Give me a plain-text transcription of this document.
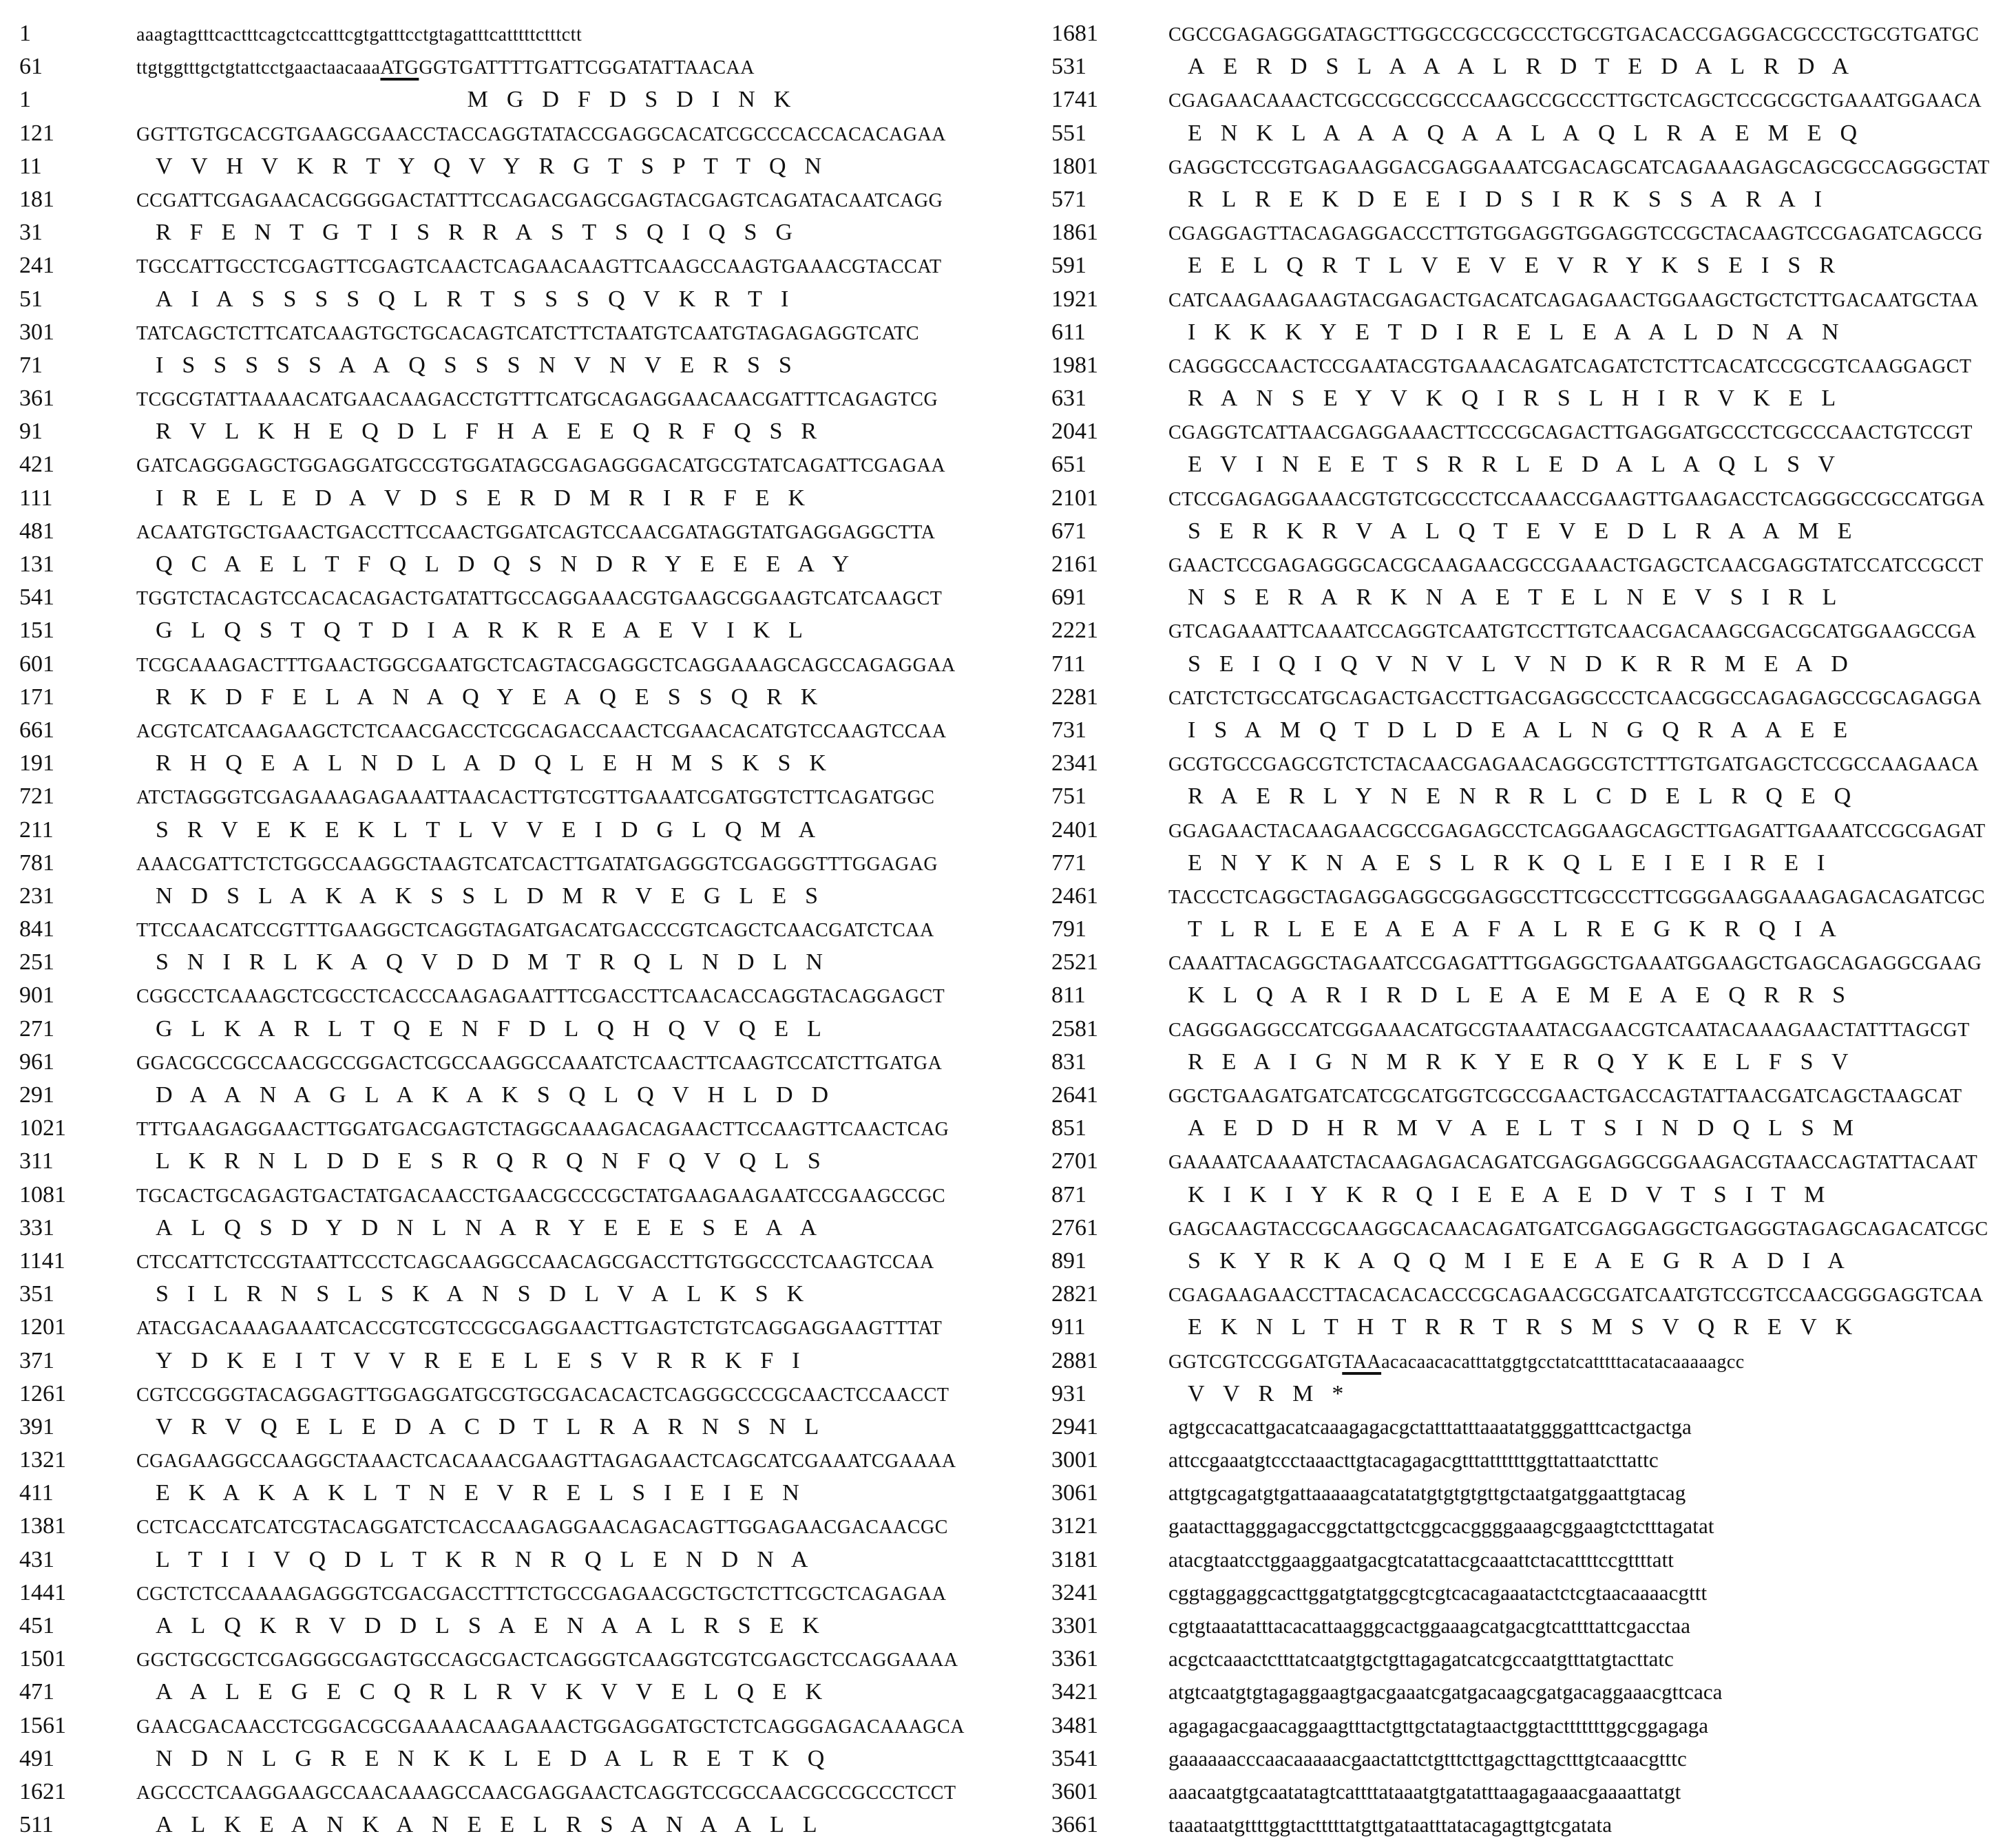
1	aaagtagtttcactttcagctccatttcgtgatttcctgtagatttcatttttctttctt
61	ttgtggtttgctgtattcctgaactaacaaaATGGGTGATTTTGATTCGGATATTAACAA
1	M  G  D  F  D  S  D  I  N  K
121	GGTTGTGCACGTGAAGCGAACCTACCAGGTATACCGAGGCACATCGCCCACCACACAGAA
11	V  V  H  V  K  R  T  Y  Q  V  Y  R  G  T  S  P  T  T  Q  N
181	CCGATTCGAGAACACGGGGACTATTTCCAGACGAGCGAGTACGAGTCAGATACAATCAGG
31	R  F  E  N  T  G  T  I  S  R  R  A  S  T  S  Q  I  Q  S  G
241	TGCCATTGCCTCGAGTTCGAGTCAACTCAGAACAAGTTCAAGCCAAGTGAAACGTACCAT
51	A  I  A  S  S  S  S  Q  L  R  T  S  S  S  Q  V  K  R  T  I
301	TATCAGCTCTTCATCAAGTGCTGCACAGTCATCTTCTAATGTCAATGTAGAGAGGTCATC
71	I  S  S  S  S  S  A  A  Q  S  S  S  N  V  N  V  E  R  S  S
361	TCGCGTATTAAAACATGAACAAGACCTGTTTCATGCAGAGGAACAACGATTTCAGAGTCG
91	R  V  L  K  H  E  Q  D  L  F  H  A  E  E  Q  R  F  Q  S  R
421	GATCAGGGAGCTGGAGGATGCCGTGGATAGCGAGAGGGACATGCGTATCAGATTCGAGAA
111	I  R  E  L  E  D  A  V  D  S  E  R  D  M  R  I  R  F  E  K
481	ACAATGTGCTGAACTGACCTTCCAACTGGATCAGTCCAACGATAGGTATGAGGAGGCTTA
131	Q  C  A  E  L  T  F  Q  L  D  Q  S  N  D  R  Y  E  E  E  A  Y
541	TGGTCTACAGTCCACACAGACTGATATTGCCAGGAAACGTGAAGCGGAAGTCATCAAGCT
151	G  L  Q  S  T  Q  T  D  I  A  R  K  R  E  A  E  V  I  K  L
601	TCGCAAAGACTTTGAACTGGCGAATGCTCAGTACGAGGCTCAGGAAAGCAGCCAGAGGAA
171	R  K  D  F  E  L  A  N  A  Q  Y  E  A  Q  E  S  S  Q  R  K
661	ACGTCATCAAGAAGCTCTCAACGACCTCGCAGACCAACTCGAACACATGTCCAAGTCCAA
191	R  H  Q  E  A  L  N  D  L  A  D  Q  L  E  H  M  S  K  S  K
721	ATCTAGGGTCGAGAAAGAGAAATTAACACTTGTCGTTGAAATCGATGGTCTTCAGATGGC
211	S  R  V  E  K  E  K  L  T  L  V  V  E  I  D  G  L  Q  M  A
781	AAACGATTCTCTGGCCAAGGCTAAGTCATCACTTGATATGAGGGTCGAGGGTTTGGAGAG
231	N  D  S  L  A  K  A  K  S  S  L  D  M  R  V  E  G  L  E  S
841	TTCCAACATCCGTTTGAAGGCTCAGGTAGATGACATGACCCGTCAGCTCAACGATCTCAA
251	S  N  I  R  L  K  A  Q  V  D  D  M  T  R  Q  L  N  D  L  N
901	CGGCCTCAAAGCTCGCCTCACCCAAGAGAATTTCGACCTTCAACACCAGGTACAGGAGCT
271	G  L  K  A  R  L  T  Q  E  N  F  D  L  Q  H  Q  V  Q  E  L
961	GGACGCCGCCAACGCCGGACTCGCCAAGGCCAAATCTCAACTTCAAGTCCATCTTGATGA
291	D  A  A  N  A  G  L  A  K  A  K  S  Q  L  Q  V  H  L  D  D
1021	TTTGAAGAGGAACTTGGATGACGAGTCTAGGCAAAGACAGAACTTCCAAGTTCAACTCAG
311	L  K  R  N  L  D  D  E  S  R  Q  R  Q  N  F  Q  V  Q  L  S
1081	TGCACTGCAGAGTGACTATGACAACCTGAACGCCCGCTATGAAGAAGAATCCGAAGCCGC
331	A  L  Q  S  D  Y  D  N  L  N  A  R  Y  E  E  E  S  E  A  A
1141	CTCCATTCTCCGTAATTCCCTCAGCAAGGCCAACAGCGACCTTGTGGCCCTCAAGTCCAA
351	S  I  L  R  N  S  L  S  K  A  N  S  D  L  V  A  L  K  S  K
1201	ATACGACAAAGAAATCACCGTCGTCCGCGAGGAACTTGAGTCTGTCAGGAGGAAGTTTAT
371	Y  D  K  E  I  T  V  V  R  E  E  L  E  S  V  R  R  K  F  I
1261	CGTCCGGGTACAGGAGTTGGAGGATGCGTGCGACACACTCAGGGCCCGCAACTCCAACCT
391	V  R  V  Q  E  L  E  D  A  C  D  T  L  R  A  R  N  S  N  L
1321	CGAGAAGGCCAAGGCTAAACTCACAAACGAAGTTAGAGAACTCAGCATCGAAATCGAAAA
411	E  K  A  K  A  K  L  T  N  E  V  R  E  L  S  I  E  I  E  N
1381	CCTCACCATCATCGTACAGGATCTCACCAAGAGGAACAGACAGTTGGAGAACGACAACGC
431	L  T  I  I  V  Q  D  L  T  K  R  N  R  Q  L  E  N  D  N  A
1441	CGCTCTCCAAAAGAGGGTCGACGACCTTTCTGCCGAGAACGCTGCTCTTCGCTCAGAGAA
451	A  L  Q  K  R  V  D  D  L  S  A  E  N  A  A  L  R  S  E  K
1501	GGCTGCGCTCGAGGGCGAGTGCCAGCGACTCAGGGTCAAGGTCGTCGAGCTCCAGGAAAA
471	A  A  L  E  G  E  C  Q  R  L  R  V  K  V  V  E  L  Q  E  K
1561	GAACGACAACCTCGGACGCGAAAACAAGAAACTGGAGGATGCTCTCAGGGAGACAAAGCA
491	N  D  N  L  G  R  E  N  K  K  L  E  D  A  L  R  E  T  K  Q
1621	AGCCCTCAAGGAAGCCAACAAAGCCAACGAGGAACTCAGGTCCGCCAACGCCGCCCTCCT
511	A  L  K  E  A  N  K  A  N  E  E  L  R  S  A  N  A  A  L  L
1681	CGCCGAGAGGGATAGCTTGGCCGCCGCCCTGCGTGACACCGAGGACGCCCTGCGTGATGC
531	A  E  R  D  S  L  A  A  A  L  R  D  T  E  D  A  L  R  D  A
1741	CGAGAACAAACTCGCCGCCGCCCAAGCCGCCCTTGCTCAGCTCCGCGCTGAAATGGAACA
551	E  N  K  L  A  A  A  Q  A  A  L  A  Q  L  R  A  E  M  E  Q
1801	GAGGCTCCGTGAGAAGGACGAGGAAATCGACAGCATCAGAAAGAGCAGCGCCAGGGCTAT
571	R  L  R  E  K  D  E  E  I  D  S  I  R  K  S  S  A  R  A  I
1861	CGAGGAGTTACAGAGGACCCTTGTGGAGGTGGAGGTCCGCTACAAGTCCGAGATCAGCCG
591	E  E  L  Q  R  T  L  V  E  V  E  V  R  Y  K  S  E  I  S  R
1921	CATCAAGAAGAAGTACGAGACTGACATCAGAGAACTGGAAGCTGCTCTTGACAATGCTAA
611	I  K  K  K  Y  E  T  D  I  R  E  L  E  A  A  L  D  N  A  N
1981	CAGGGCCAACTCCGAATACGTGAAACAGATCAGATCTCTTCACATCCGCGTCAAGGAGCT
631	R  A  N  S  E  Y  V  K  Q  I  R  S  L  H  I  R  V  K  E  L
2041	CGAGGTCATTAACGAGGAAACTTCCCGCAGACTTGAGGATGCCCTCGCCCAACTGTCCGT
651	E  V  I  N  E  E  T  S  R  R  L  E  D  A  L  A  Q  L  S  V
2101	CTCCGAGAGGAAACGTGTCGCCCTCCAAACCGAAGTTGAAGACCTCAGGGCCGCCATGGA
671	S  E  R  K  R  V  A  L  Q  T  E  V  E  D  L  R  A  A  M  E
2161	GAACTCCGAGAGGGCACGCAAGAACGCCGAAACTGAGCTCAACGAGGTATCCATCCGCCT
691	N  S  E  R  A  R  K  N  A  E  T  E  L  N  E  V  S  I  R  L
2221	GTCAGAAATTCAAATCCAGGTCAATGTCCTTGTCAACGACAAGCGACGCATGGAAGCCGA
711	S  E  I  Q  I  Q  V  N  V  L  V  N  D  K  R  R  M  E  A  D
2281	CATCTCTGCCATGCAGACTGACCTTGACGAGGCCCTCAACGGCCAGAGAGCCGCAGAGGA
731	I  S  A  M  Q  T  D  L  D  E  A  L  N  G  Q  R  A  A  E  E
2341	GCGTGCCGAGCGTCTCTACAACGAGAACAGGCGTCTTTGTGATGAGCTCCGCCAAGAACA
751	R  A  E  R  L  Y  N  E  N  R  R  L  C  D  E  L  R  Q  E  Q
2401	GGAGAACTACAAGAACGCCGAGAGCCTCAGGAAGCAGCTTGAGATTGAAATCCGCGAGAT
771	E  N  Y  K  N  A  E  S  L  R  K  Q  L  E  I  E  I  R  E  I
2461	TACCCTCAGGCTAGAGGAGGCGGAGGCCTTCGCCCTTCGGGAAGGAAAGAGACAGATCGC
791	T  L  R  L  E  E  A  E  A  F  A  L  R  E  G  K  R  Q  I  A
2521	CAAATTACAGGCTAGAATCCGAGATTTGGAGGCTGAAATGGAAGCTGAGCAGAGGCGAAG
811	K  L  Q  A  R  I  R  D  L  E  A  E  M  E  A  E  Q  R  R  S
2581	CAGGGAGGCCATCGGAAACATGCGTAAATACGAACGTCAATACAAAGAACTATTTAGCGT
831	R  E  A  I  G  N  M  R  K  Y  E  R  Q  Y  K  E  L  F  S  V
2641	GGCTGAAGATGATCATCGCATGGTCGCCGAACTGACCAGTATTAACGATCAGCTAAGCAT
851	A  E  D  D  H  R  M  V  A  E  L  T  S  I  N  D  Q  L  S  M
2701	GAAAATCAAAATCTACAAGAGACAGATCGAGGAGGCGGAAGACGTAACCAGTATTACAAT
871	K  I  K  I  Y  K  R  Q  I  E  E  A  E  D  V  T  S  I  T  M
2761	GAGCAAGTACCGCAAGGCACAACAGATGATCGAGGAGGCTGAGGGTAGAGCAGACATCGC
891	S  K  Y  R  K  A  Q  Q  M  I  E  E  A  E  G  R  A  D  I  A
2821	CGAGAAGAACCTTACACACACCCGCAGAACGCGATCAATGTCCGTCCAACGGGAGGTCAA
911	E  K  N  L  T  H  T  R  R  T  R  S  M  S  V  Q  R  E  V  K
2881	GGTCGTCCGGATGTAAacacaacacatttatggtgcctatcatttttacatacaaaaagcc
931	V  V  R  M  *
2941	agtgccacattgacatcaaagagacgctatttatttaaatatggggatttcactgactga
3001	attccgaaatgtccctaaacttgtacagagacgtttattttttggttattaatcttattc
3061	attgtgcagatgtgattaaaaagcatatatgtgtgtgttgctaatgatggaattgtacag
3121	gaatacttagggagaccggctattgctcggcacggggaaagcggaagtctctttagatat
3181	atacgtaatcctggaaggaatgacgtcatattacgcaaattctacattttccgttttatt
3241	cggtaggaggcacttggatgtatggcgtcgtcacagaaatactctcgtaacaaaacgttt
3301	cgtgtaaatatttacacattaagggcactggaaagcatgacgtcattttattcgacctaa
3361	acgctcaaactctttatcaatgtgctgttagagatcatcgccaatgtttatgtacttatc
3421	atgtcaatgtgtagaggaagtgacgaaatcgatgacaagcgatgacaggaaacgttcaca
3481	agagagacgaacaggaagtttactgttgctatagtaactggtactttttttggcggagaga
3541	gaaaaaacccaacaaaaacgaactattctgtttcttgagcttagctttgtcaaacgtttc
3601	aaacaatgtgcaatatagtcattttataaatgtgatatttaagagaaacgaaaattatgt
3661	taaataatgttttggtactttttatgttgataatttatacagagttgtcgatata
